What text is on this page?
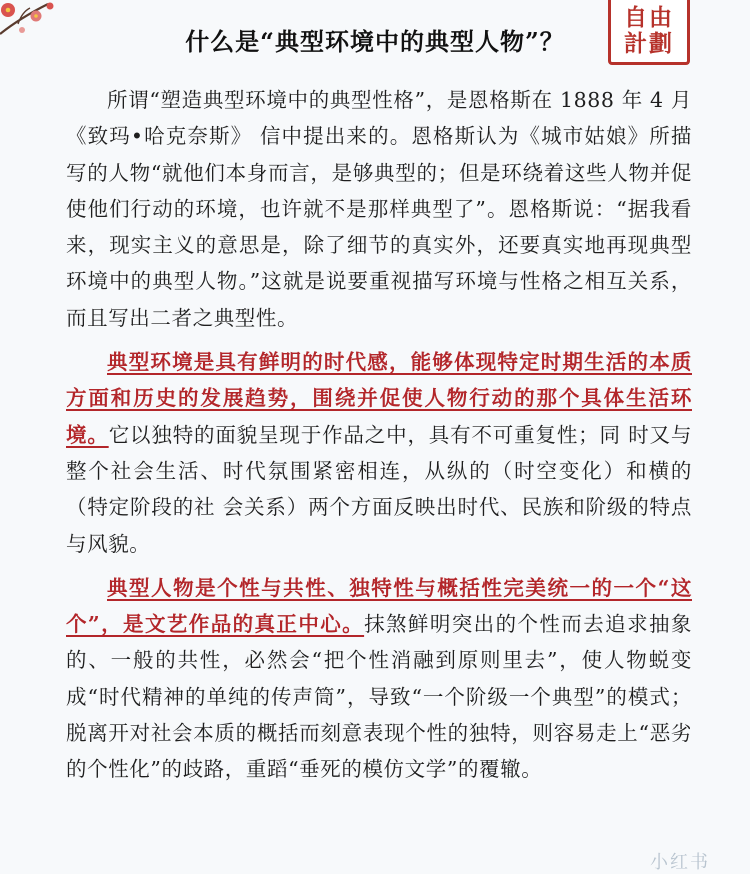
什么是“典型环境中的典型人物”？
自由
計劃

所谓“塑造典型环境中的典型性格”，是恩格斯在 1888 年 4 月《致玛•哈克奈斯》 信中提出来的。恩格斯认为《城市姑娘》所描写的人物“就他们本身而言，是够典型的；但是环绕着这些人物并促使他们行动的环境，也许就不是那样典型了”。恩格斯说：“据我看来，现实主义的意思是，除了细节的真实外，还要真实地再现典型环境中的典型人物。”这就是说要重视描写环境与性格之相互关系，而且写出二者之典型性。

典型环境是具有鲜明的时代感，能够体现特定时期生活的本质方面和历史的发展趋势，围绕并促使人物行动的那个具体生活环境。它以独特的面貌呈现于作品之中，具有不可重复性；同 时又与整个社会生活、时代氛围紧密相连，从纵的（时空变化）和横的（特定阶段的社 会关系）两个方面反映出时代、民族和阶级的特点与风貌。

典型人物是个性与共性、独特性与概括性完美统一的一个“这个”，是文艺作品的真正中心。抹煞鲜明突出的个性而去追求抽象的、一般的共性，必然会“把个性消融到原则里去”，使人物蜕变成“时代精神的单纯的传声筒”，导致“一个阶级一个典型”的模式；脱离开对社会本质的概括而刻意表现个性的独特，则容易走上“恶劣的个性化”的歧路，重蹈“垂死的模仿文学”的覆辙。

小红书
